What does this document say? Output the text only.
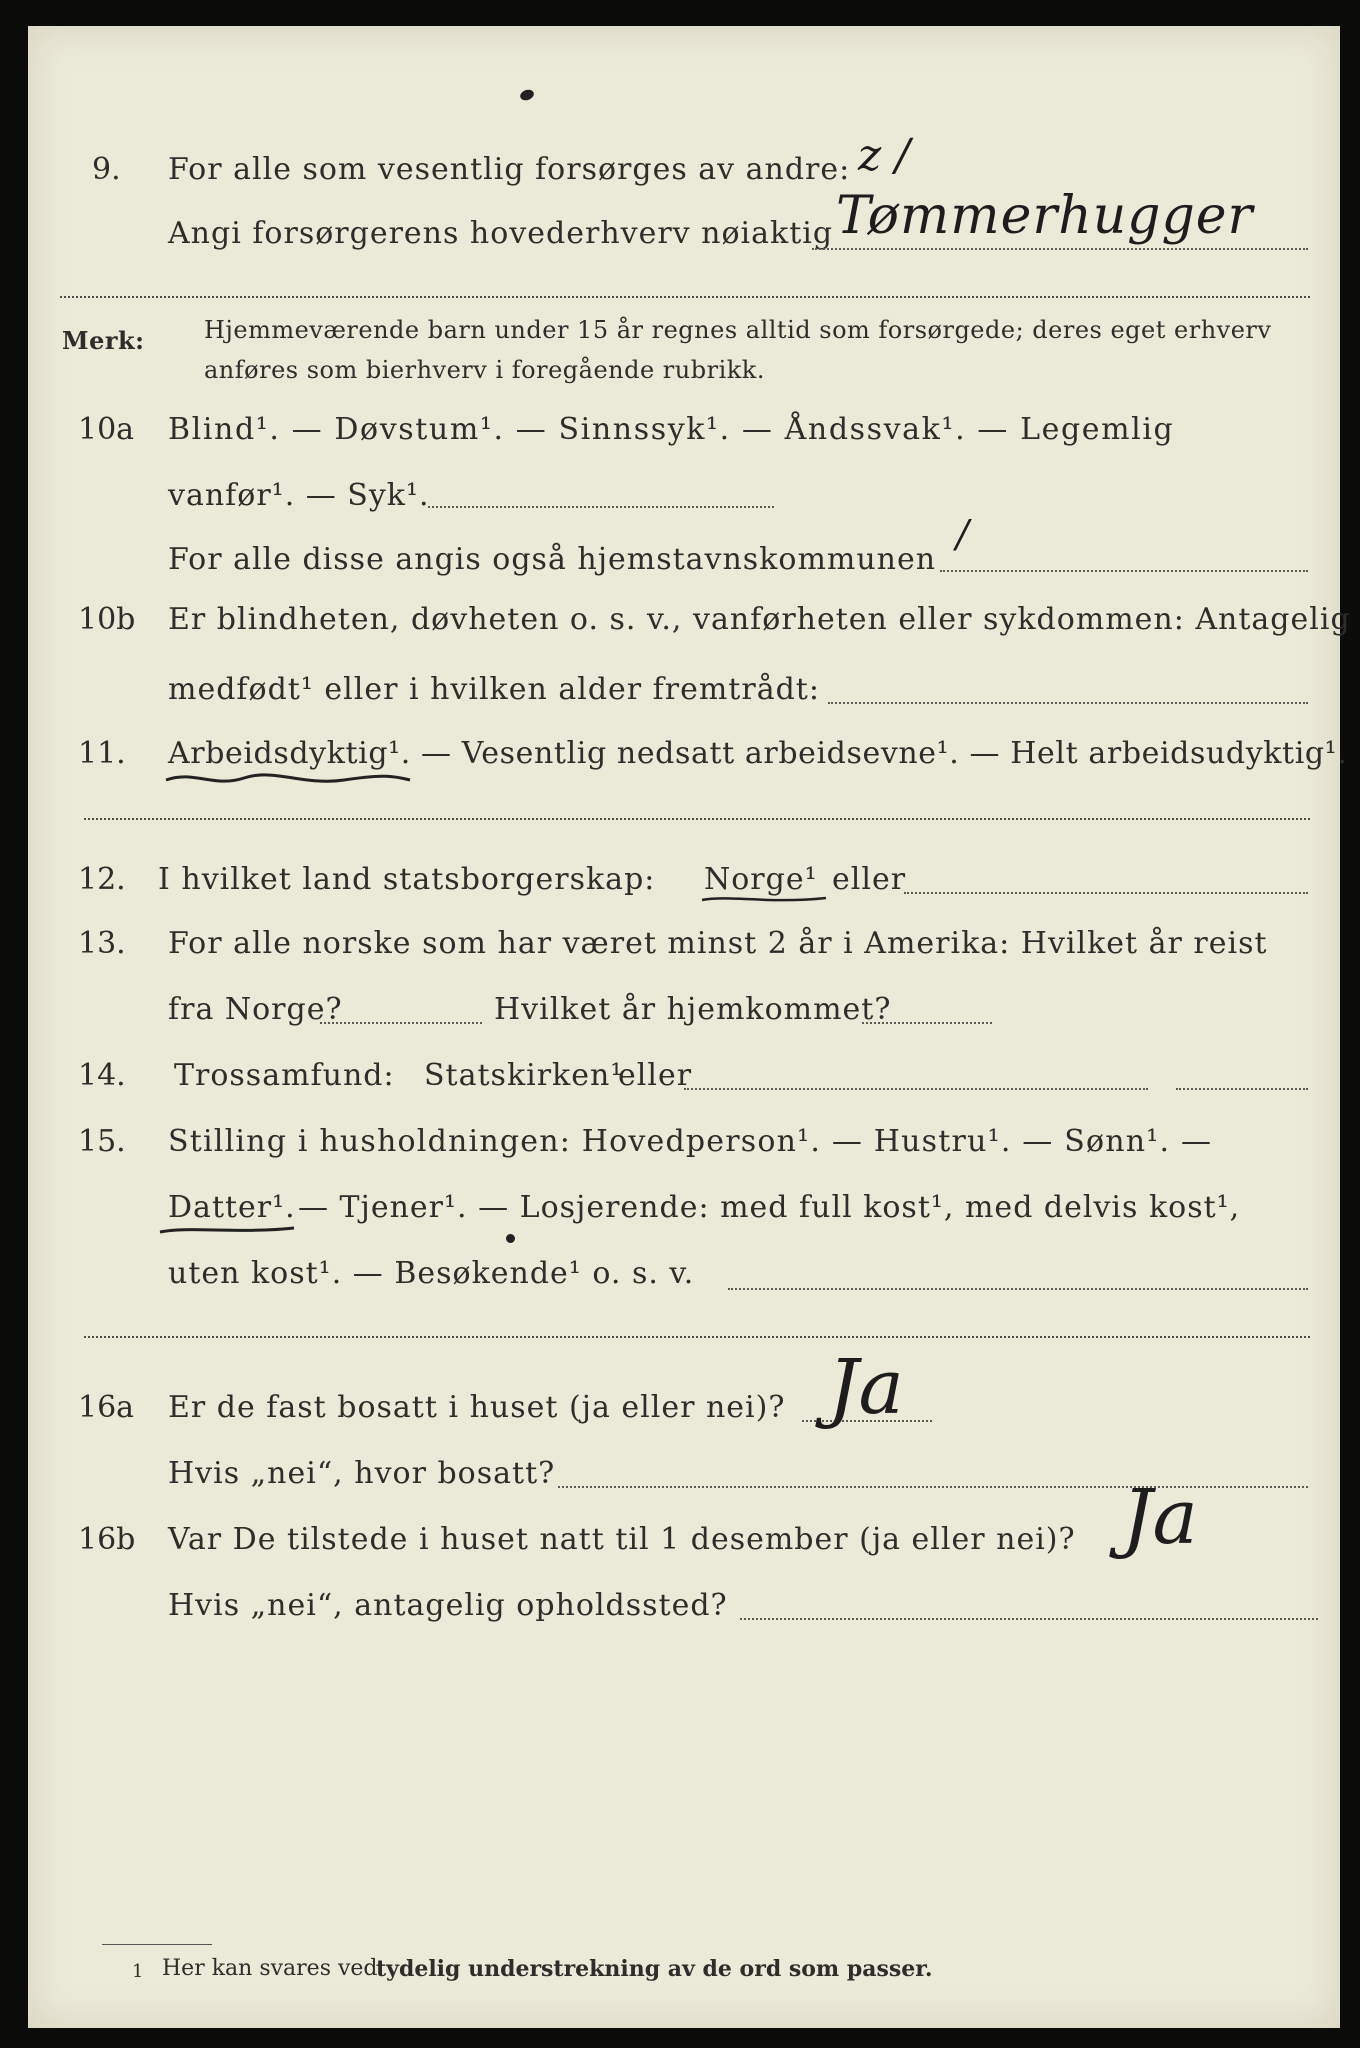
9. For alle som vesentlig forsørges av andre: z /
Angi forsørgerens hovederhverv nøiaktig Tømmerhugger
Merk: Hjemmeværende barn under 15 år regnes alltid som forsørgede; deres eget erhverv
anføres som bierhverv i foregående rubrikk.
10a Blind¹. — Døvstum¹. — Sinnssyk¹. — Åndssvak¹. — Legemlig
vanfør¹. — Syk¹.
For alle disse angis også hjemstavnskommunen
/
10b Er blindheten, døvheten o. s. v., vanførheten eller sykdommen: Antagelig
medfødt¹ eller i hvilken alder fremtrådt:
11. Arbeidsdyktig¹. — Vesentlig nedsatt arbeidsevne¹. — Helt arbeidsudyktig¹.
12. I hvilket land statsborgerskap: Norge¹ eller
13. For alle norske som har været minst 2 år i Amerika: Hvilket år reist
fra Norge?	Hvilket år hjemkommet?
14. Trossamfund: Statskirken¹
eller
15. Stilling i husholdningen: Hovedperson¹. — Hustru¹. — Sønn¹. —
Datter¹. — Tjener¹. — Losjerende: med full kost¹, med delvis kost¹,
uten kost¹. — Besøkende¹ o. s. v.
16a Er de fast bosatt i huset (ja eller nei)? Ja
Hvis „nei“, hvor bosatt?
16b Var De tilstede i huset natt til 1 desember (ja eller nei)? Ja
Hvis „nei“, antagelig opholdssted?
1 Her kan svares ved
tydelig understrekning av de ord som passer.
